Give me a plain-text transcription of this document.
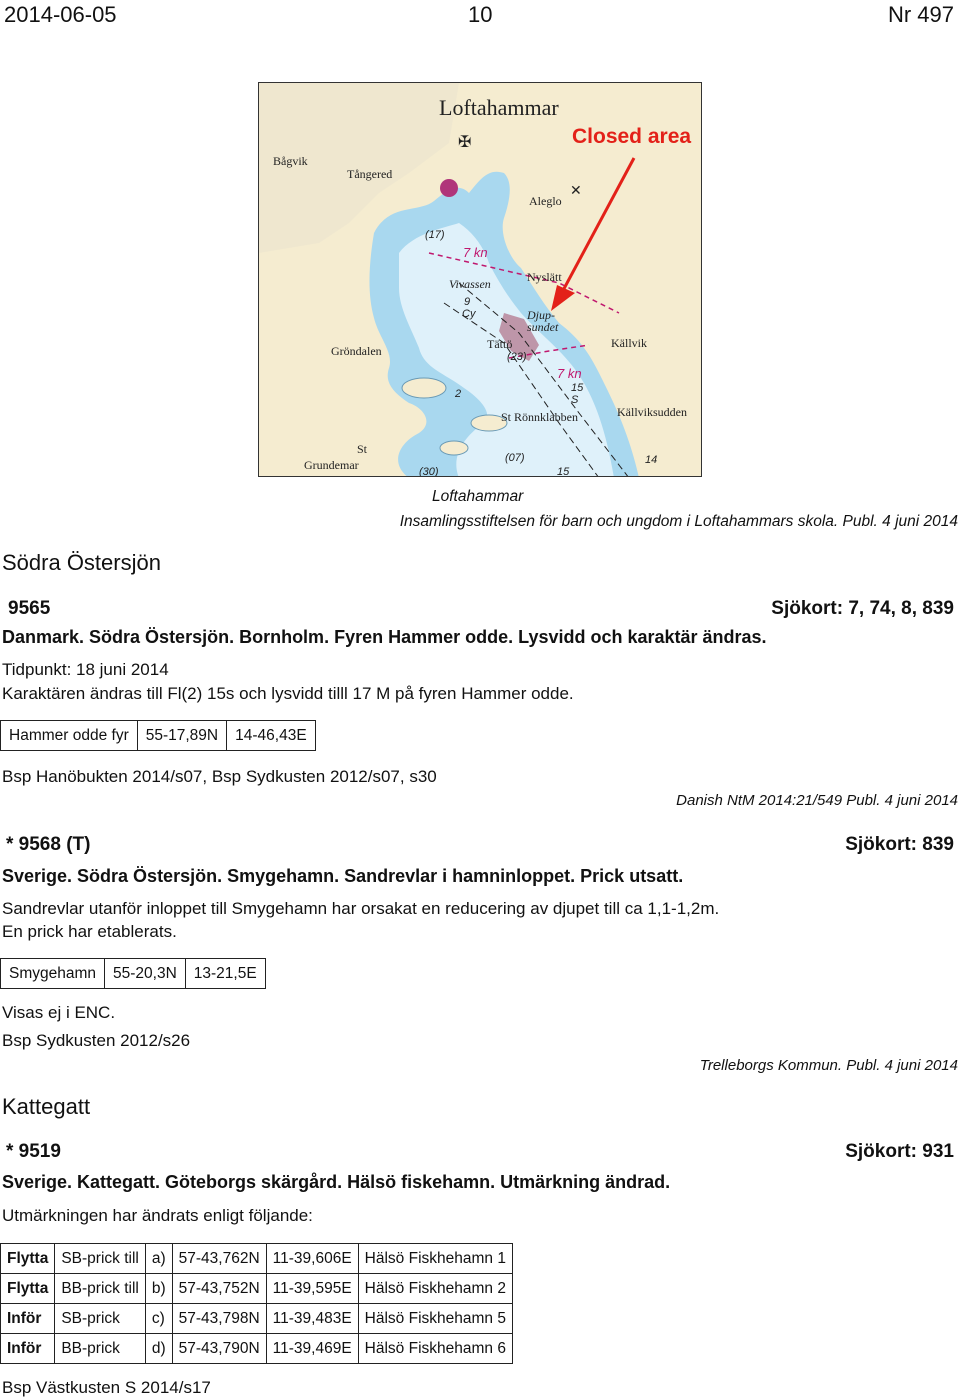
2014-06-05	10	Nr 497
✠
✕
Loftahammar
Closed area
Bågvik
Tångered
Aleglo
Nyslätt
Vivassen
Djup-
sundet
Tättö	Källvik
Gröndalen
St Rönnklabben	Källviksudden
St
Grundemar
7 kn
7 kn
9
Cy
(23)
15
S
2
(07)
(30)	15
14
(17)
Loftahammar
Insamlingsstiftelsen för barn och ungdom i Loftahammars skola. Publ. 4 juni 2014
Södra Östersjön
9565	Sjökort: 7, 74, 8, 839
Danmark. Södra Östersjön. Bornholm. Fyren Hammer odde. Lysvidd och karaktär ändras.
Tidpunkt: 18 juni 2014
Karaktären ändras till Fl(2) 15s och lysvidd tilll 17 M på fyren Hammer odde.
Hammer odde fyr	55-17,89N	14-46,43E
Bsp Hanöbukten 2014/s07, Bsp Sydkusten 2012/s07, s30
Danish NtM 2014:21/549 Publ. 4 juni 2014
* 9568 (T)	Sjökort: 839
Sverige. Södra Östersjön. Smygehamn. Sandrevlar i hamninloppet. Prick utsatt.
Sandrevlar utanför inloppet till Smygehamn har orsakat en reducering av djupet till ca 1,1-1,2m.
En prick har etablerats.
Smygehamn	55-20,3N	13-21,5E
Visas ej i ENC.
Bsp Sydkusten 2012/s26
Trelleborgs Kommun. Publ. 4 juni 2014
Kattegatt
* 9519	Sjökort: 931
Sverige. Kattegatt. Göteborgs skärgård. Hälsö fiskehamn. Utmärkning ändrad.
Utmärkningen har ändrats enligt följande:
Flytta	SB-prick till	a)	57-43,762N	11-39,606E	Hälsö Fiskhehamn 1
Flytta	BB-prick till	b)	57-43,752N	11-39,595E	Hälsö Fiskhehamn 2
Inför	SB-prick	c)	57-43,798N	11-39,483E	Hälsö Fiskhehamn 5
Inför	BB-prick	d)	57-43,790N	11-39,469E	Hälsö Fiskhehamn 6
Bsp Västkusten S 2014/s17
